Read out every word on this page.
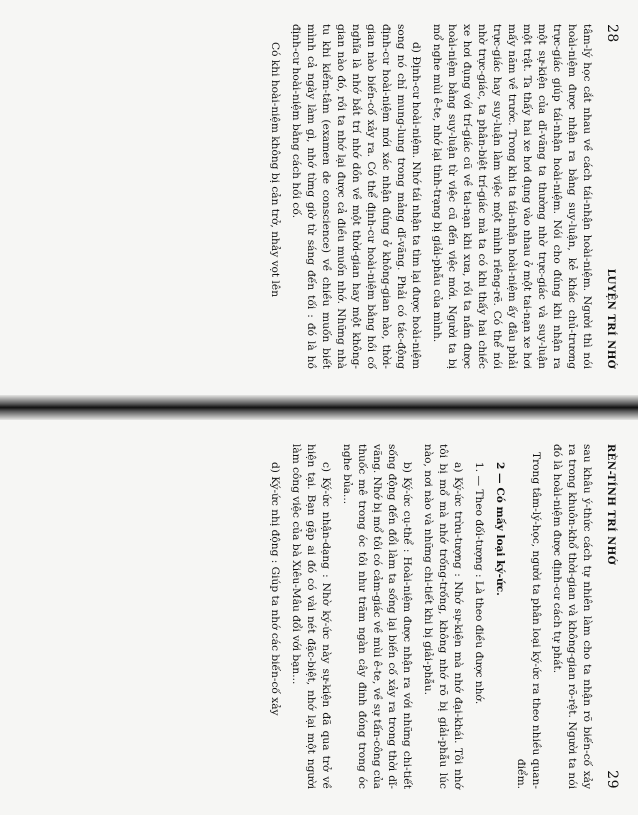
28
LUYỆN TRÍ NHỚ

tâm-lý học cắt nhau về cách tái-nhận hoài-niệm. Người thì nói hoài-niệm được nhận ra bằng suy-luận, kẻ khác chủ-trương trực-giác giúp tái-nhận hoài-niệm. Nói cho đúng khi nhận ra một sự-kiện của dĩ-vãng ta thường nhờ trực-giác và suy-luận một trật. Ta thấy hai xe hơi đụng vào nhau ở một tai-nạn xe hơi mấy năm về trước. Trong khi ta tái-nhận hoài-niệm ấy đâu phải trực-giác hay suy-luận làm việc một mình riêng-rẽ. Có thể nói nhờ trực-giác, ta phân-biệt trí-giác mà ta có khi thấy hai chiếc xe hơi đụng với trí-giác cũ về tai-nạn khi xưa, rồi ta nắm được hoài-niệm bằng suy-luận từ việc cũ đến việc mới. Người ta bị mổ nghe mùi ê-te, nhớ lại tình-trạng bị giải-phẫu của mình.

d) Định-cư hoài-niệm. Nhớ tái nhận ta tìm lại được hoài-niệm song nó chỉ mung-lung trong mảng dĩ-vãng. Phải có tác-động định-cư hoài-niệm mới xác nhận đúng ở không-gian nào, thời-gian nào biến-cố xảy ra. Có thể định-cư hoài-niệm bằng hồi cố nghĩa là nhớ bắt trí nhớ dồn về một thời-gian hay một không-gian nào đó, rồi ta nhớ lại được cả điều muốn nhớ. Những nhà tu khi kiểm-tâm (examen de conscience) về chiều muốn biết mình cả ngày làm gì, nhớ từng giờ từ sáng đến tối : đó là hồ định-cư hoài-niệm bằng cách hồi cố.

Có khi hoài-niệm không bị cản trở, nhảy vọt lên

RÈN-TÍNH TRÍ NHỚ
29

sau khâu ý-thức cách tự nhiên làm cho ta nhận rõ biến-cố xảy ra trong khuôn-khổ thời-gian và không-gian rõ-rệt. Người ta nói đó là hoài-niệm được định-cư cách tự phát.

Trong tâm-lý-học, người ta phân loại ký-ức ra theo nhiều quan-điểm.

2 — Có mấy loại ký-ức.

1. — Theo đối-tượng : Là theo điều được nhớ.

a) Ký-ức trừu-tượng : Nhớ sự-kiện mà nhớ đại-khái. Tôi nhớ tôi bị mổ mà nhớ trống-trống, không nhớ rõ bị giải-phẫu lúc nào, nơi nào và những chi-tiết khi bị giải-phẫu.

b) Ký-ức cụ-thể : Hoài-niệm được nhận ra với những chi-tiết sống động đến đổi làm ta sống lại biến cố xảy ra trong thời dĩ-vãng. Nhớ bị mổ tôi có cảm-giác về mùi ê-te, về sự tấn-công của thuốc mê trong óc tôi như trăm ngàn cây đinh đóng trong óc nghe bủa...

c) Ký-ức nhận-dạng : Nhờ ký-ức này sự-kiện đã qua trở về hiện tại. Bạn gặp ai đó có vài nét đặc-biệt, nhớ lại một người làm công việc của bà Xiêu-Mâu đổi với bạn...

d) Ký-ức nhị động : Giúp ta nhớ các biến-cố xảy
